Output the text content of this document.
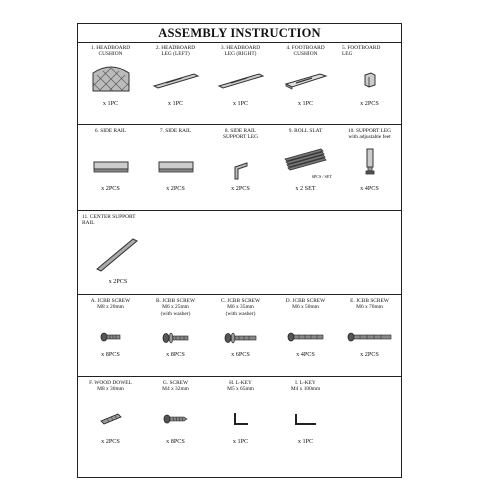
ASSEMBLY INSTRUCTION
1. HEADBOARD
CUSHION
x 1PC
2. HEADBOARD
LEG (LEFT)
x 1PC
3. HEADBOARD
LEG (RIGHT)
x 1PC
4. FOOTBOARD
CUSHION
x 1PC
5. FOOTBOARD
LEG
x 2PCS
6. SIDE RAIL
x 2PCS
7. SIDE RAIL
x 2PCS
8. SIDE RAIL
SUPPORT LEG
x 2PCS
9. ROLL SLAT
6PCS / SET
x 2 SET
10. SUPPORT LEG
with adjustable feet
x 4PCS
11. CENTER SUPPORT
RAIL
x 2PCS
A. JCBB SCREW
M8 x 20mm
x 8PCS
B. JCBB SCREW
M6 x 25mm
(with washer)
x 8PCS
C. JCBB SCREW
M6 x 35mm
(with washer)
x 6PCS
D. JCBB SCREW
M6 x 50mm
x 4PCS
E. JCBB SCREW
M6 x 70mm
x 2PCS
F. WOOD DOWEL
M8 x 30mm
x 2PCS
G. SCREW
M4 x 32mm
x 8PCS
H. L-KEY
M5 x 65mm
x 1PC
I. L-KEY
M4 x 100mm
x 1PC
